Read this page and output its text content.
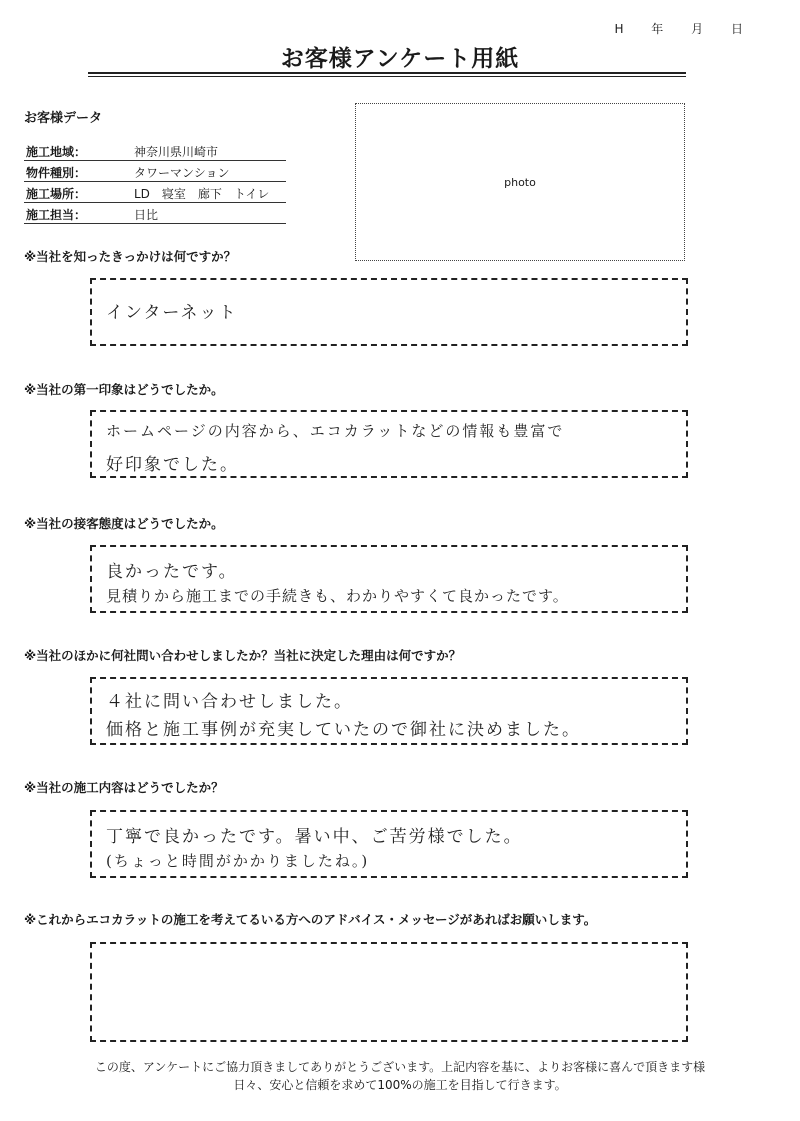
H 年 月 日
お客様アンケート用紙
お客様データ
施工地域：	神奈川県川崎市
物件種別：	タワーマンション
施工場所：	LD　寝室　廊下　トイレ
施工担当：	日比
photo
※当社を知ったきっかけは何ですか？
インターネット
※当社の第一印象はどうでしたか。
ホームページの内容から、エコカラットなどの情報も豊富で
好印象でした。
※当社の接客態度はどうでしたか。
良かったです。
見積りから施工までの手続きも、わかりやすくて良かったです。
※当社のほかに何社問い合わせしましたか？当社に決定した理由は何ですか？
４社に問い合わせしました。
価格と施工事例が充実していたので御社に決めました。
※当社の施工内容はどうでしたか？
丁寧で良かったです。暑い中、ご苦労様でした。
(ちょっと時間がかかりましたね。)
※これからエコカラットの施工を考えてるいる方へのアドバイス・メッセージがあればお願いします。
この度、アンケートにご協力頂きましてありがとうございます。上記内容を基に、よりお客様に喜んで頂きます様
日々、安心と信頼を求めて100%の施工を目指して行きます。
